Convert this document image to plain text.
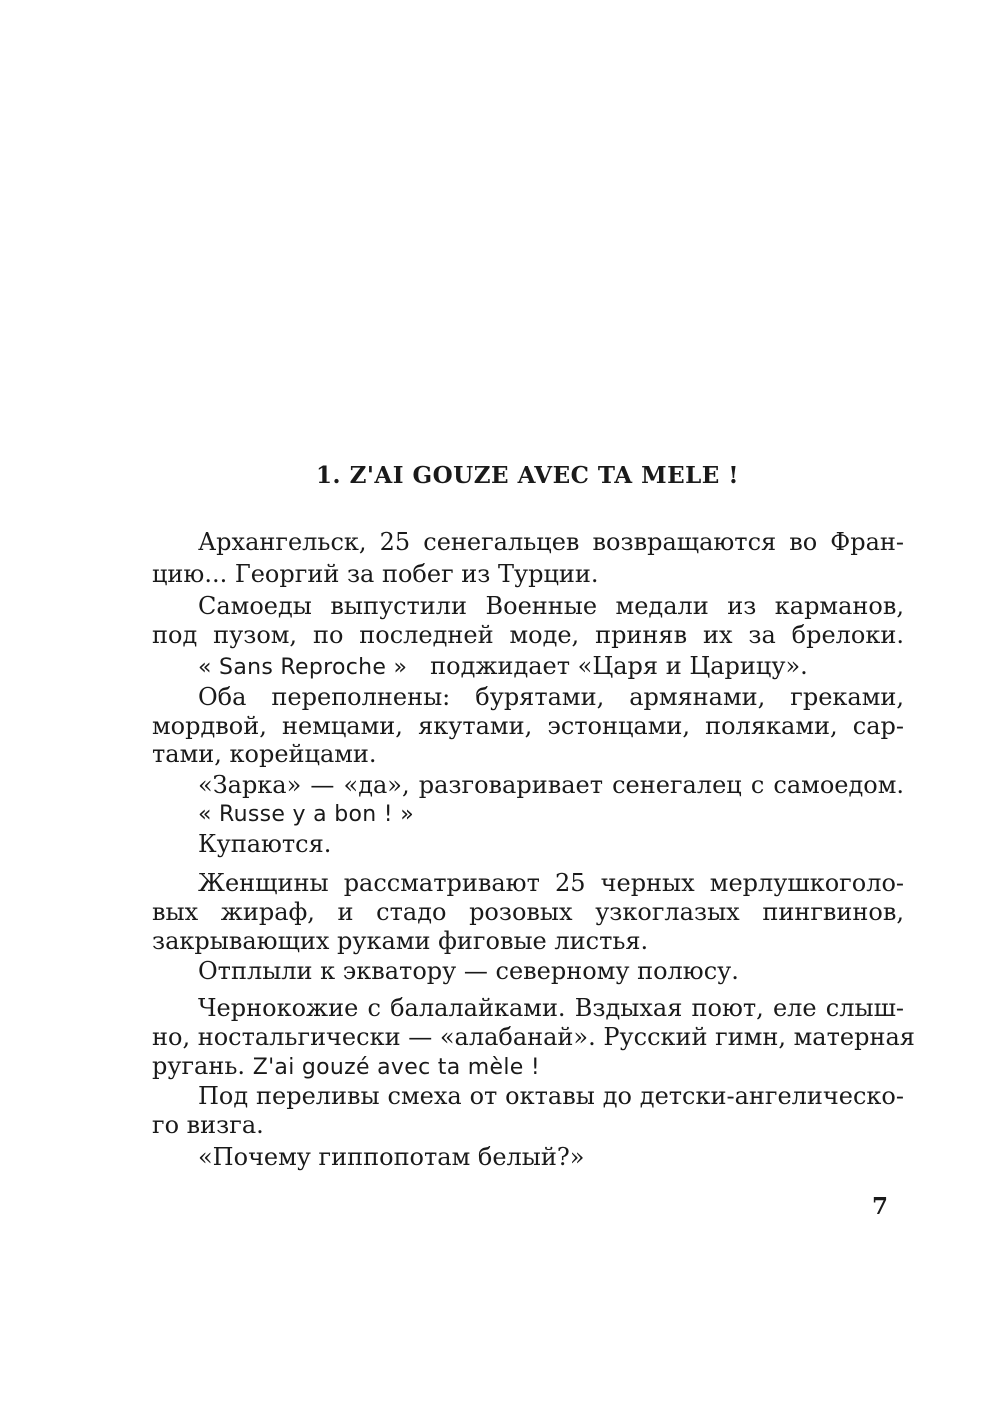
1. Z'AI GOUZE AVEC TA MELE !
Архангельск, 25 сенегальцев возвращаются во Фран-
цию... Георгий за побег из Турции.
Самоеды выпустили Военные медали из карманов,
под пузом, по последней моде, приняв их за брелоки.
« Sans Reproche » поджидает «Царя и Царицу».
Оба переполнены: бурятами, армянами, греками,
мордвой, немцами, якутами, эстонцами, поляками, сар-
тами, корейцами.
«Зарка» — «да», разговаривает сенегалец с самоедом.
« Russe y a bon ! »
Купаются.
Женщины рассматривают 25 черных мерлушкоголо-
вых жираф, и стадо розовых узкоглазых пингвинов,
закрывающих руками фиговые листья.
Отплыли к экватору — северному полюсу.
Чернокожие с балалайками. Вздыхая поют, еле слыш-
но, ностальгически — «алабанай». Русский гимн, матерная
ругань. Z'ai gouzé avec ta mèle !
Под переливы смеха от октавы до детски-ангелическо-
го визга.
«Почему гиппопотам белый?»
7
